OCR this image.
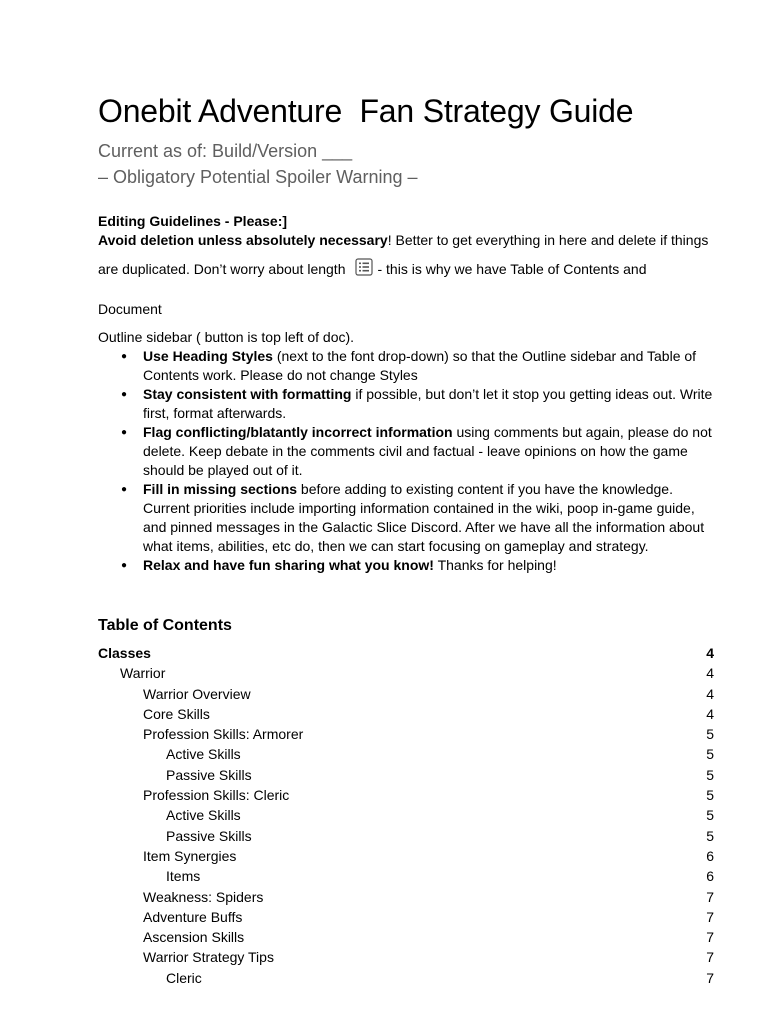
Onebit Adventure  Fan Strategy Guide

Current as of: Build/Version ___

– Obligatory Potential Spoiler Warning –

Editing Guidelines - Please:]

Avoid deletion unless absolutely necessary! Better to get everything in here and delete if things
are duplicated. Don’t worry about length - this is why we have Table of Contents and Document
Outline sidebar ( button is top left of doc).

● Use Heading Styles (next to the font drop-down) so that the Outline sidebar and Table of Contents work. Please do not change Styles
● Stay consistent with formatting if possible, but don’t let it stop you getting ideas out. Write first, format afterwards.
● Flag conflicting/blatantly incorrect information using comments but again, please do not delete. Keep debate in the comments civil and factual - leave opinions on how the game should be played out of it.
● Fill in missing sections before adding to existing content if you have the knowledge. Current priorities include importing information contained in the wiki, poop in-game guide, and pinned messages in the Galactic Slice Discord. After we have all the information about what items, abilities, etc do, then we can start focusing on gameplay and strategy.
● Relax and have fun sharing what you know! Thanks for helping!
Table of Contents
Classes	4
Warrior	4
Warrior Overview	4
Core Skills	4
Profession Skills: Armorer	5
Active Skills	5
Passive Skills	5
Profession Skills: Cleric	5
Active Skills	5
Passive Skills	5
Item Synergies	6
Items	6
Weakness: Spiders	7
Adventure Buffs	7
Ascension Skills	7
Warrior Strategy Tips	7
Cleric	7
